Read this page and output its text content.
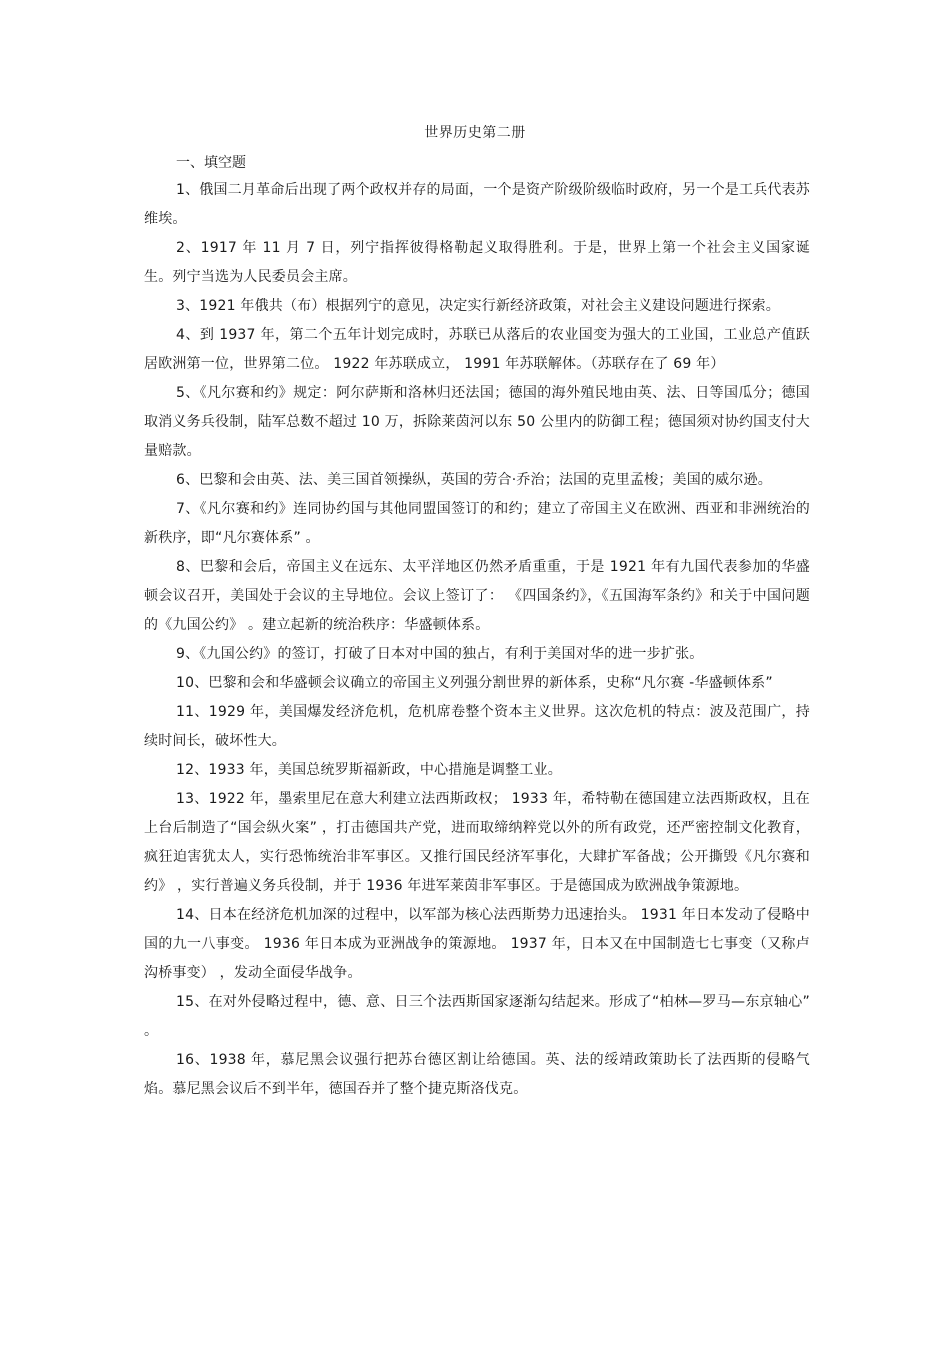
世界历史第二册
一、填空题

1、俄国二月革命后出现了两个政权并存的局面，一个是资产阶级阶级临时政府，另一个是工兵代表苏维埃。

2、1917 年 11 月 7 日，列宁指挥彼得格勒起义取得胜利。于是，世界上第一个社会主义国家诞生。列宁当选为人民委员会主席。

3、1921 年俄共（布）根据列宁的意见，决定实行新经济政策，对社会主义建设问题进行探索。

4、到 1937 年，第二个五年计划完成时，苏联已从落后的农业国变为强大的工业国，工业总产值跃居欧洲第一位，世界第二位。 1922 年苏联成立， 1991 年苏联解体。（苏联存在了 69 年）

5、《凡尔赛和约》规定：阿尔萨斯和洛林归还法国；德国的海外殖民地由英、法、日等国瓜分；德国取消义务兵役制，陆军总数不超过 10 万，拆除莱茵河以东 50 公里内的防御工程；德国须对协约国支付大量赔款。

6、巴黎和会由英、法、美三国首领操纵，英国的劳合·乔治；法国的克里孟梭；美国的威尔逊。

7、《凡尔赛和约》连同协约国与其他同盟国签订的和约；建立了帝国主义在欧洲、西亚和非洲统治的新秩序，即“凡尔赛体系” 。

8、巴黎和会后，帝国主义在远东、太平洋地区仍然矛盾重重，于是 1921 年有九国代表参加的华盛顿会议召开，美国处于会议的主导地位。会议上签订了： 《四国条约》，《五国海军条约》和关于中国问题的《九国公约》 。建立起新的统治秩序：华盛顿体系。

9、《九国公约》的签订，打破了日本对中国的独占，有利于美国对华的进一步扩张。

10、巴黎和会和华盛顿会议确立的帝国主义列强分割世界的新体系，史称“凡尔赛 -华盛顿体系”

11、1929 年，美国爆发经济危机，危机席卷整个资本主义世界。这次危机的特点：波及范围广，持续时间长，破坏性大。

12、1933 年，美国总统罗斯福新政，中心措施是调整工业。

13、1922 年，墨索里尼在意大利建立法西斯政权； 1933 年，希特勒在德国建立法西斯政权，且在上台后制造了“国会纵火案” ，打击德国共产党，进而取缔纳粹党以外的所有政党，还严密控制文化教育，疯狂迫害犹太人，实行恐怖统治非军事区。又推行国民经济军事化，大肆扩军备战；公开撕毁《凡尔赛和约》 ，实行普遍义务兵役制，并于 1936 年进军莱茵非军事区。于是德国成为欧洲战争策源地。

14、日本在经济危机加深的过程中，以军部为核心法西斯势力迅速抬头。 1931 年日本发动了侵略中国的九一八事变。 1936 年日本成为亚洲战争的策源地。 1937 年，日本又在中国制造七七事变（又称卢沟桥事变） ，发动全面侵华战争。

15、在对外侵略过程中，德、意、日三个法西斯国家逐渐勾结起来。形成了“柏林—罗马—东京轴心” 。

16、1938 年，慕尼黑会议强行把苏台德区割让给德国。英、法的绥靖政策助长了法西斯的侵略气焰。慕尼黑会议后不到半年，德国吞并了整个捷克斯洛伐克。
